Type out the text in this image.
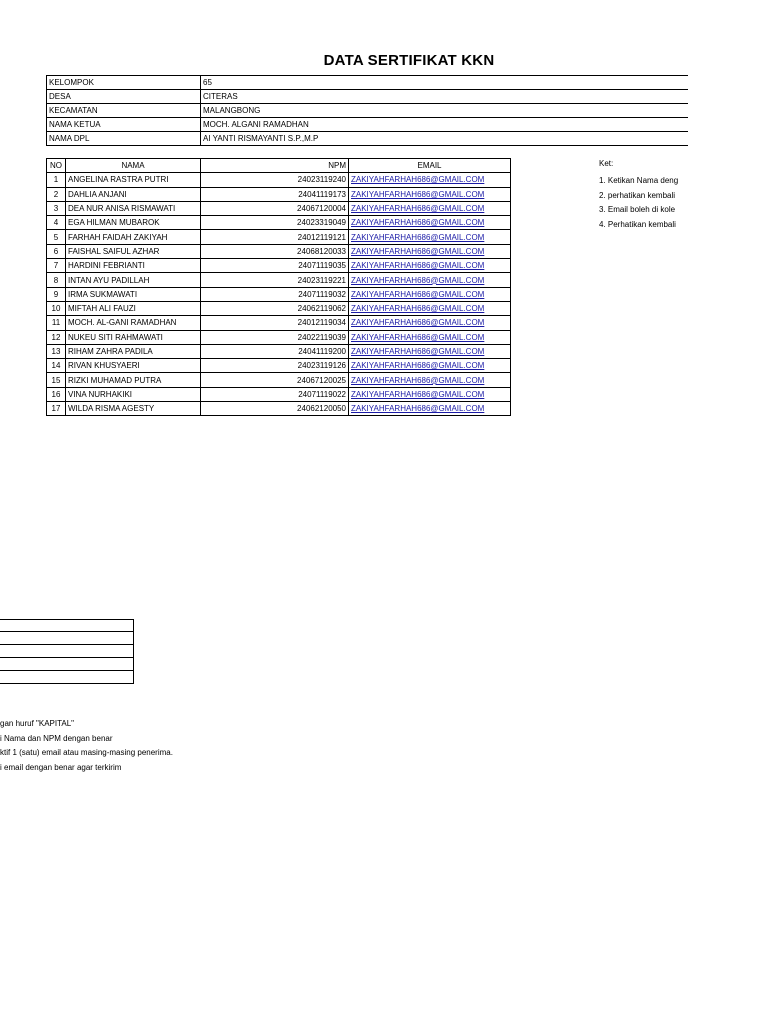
DATA SERTIFIKAT KKN
KELOMPOK	65
DESA	CITERAS
KECAMATAN	MALANGBONG
NAMA KETUA	MOCH. ALGANI RAMADHAN
NAMA DPL	AI YANTI RISMAYANTI S.P.,M.P
NO	NAMA	NPM	EMAIL
1	ANGELINA RASTRA PUTRI	24023119240	ZAKIYAHFARHAH686@GMAIL.COM
2	DAHLIA ANJANI	24041119173	ZAKIYAHFARHAH686@GMAIL.COM
3	DEA NUR ANISA RISMAWATI	24067120004	ZAKIYAHFARHAH686@GMAIL.COM
4	EGA HILMAN MUBAROK	24023319049	ZAKIYAHFARHAH686@GMAIL.COM
5	FARHAH FAIDAH ZAKIYAH	24012119121	ZAKIYAHFARHAH686@GMAIL.COM
6	FAISHAL SAIFUL AZHAR	24068120033	ZAKIYAHFARHAH686@GMAIL.COM
7	HARDINI FEBRIANTI	24071119035	ZAKIYAHFARHAH686@GMAIL.COM
8	INTAN AYU PADILLAH	24023119221	ZAKIYAHFARHAH686@GMAIL.COM
9	IRMA SUKMAWATI	24071119032	ZAKIYAHFARHAH686@GMAIL.COM
10	MIFTAH ALI FAUZI	24062119062	ZAKIYAHFARHAH686@GMAIL.COM
11	MOCH. AL-GANI RAMADHAN	24012119034	ZAKIYAHFARHAH686@GMAIL.COM
12	NUKEU SITI RAHMAWATI	24022119039	ZAKIYAHFARHAH686@GMAIL.COM
13	RIHAM ZAHRA PADILA	24041119200	ZAKIYAHFARHAH686@GMAIL.COM
14	RIVAN KHUSYAERI	24023119126	ZAKIYAHFARHAH686@GMAIL.COM
15	RIZKI MUHAMAD PUTRA	24067120025	ZAKIYAHFARHAH686@GMAIL.COM
16	VINA NURHAKIKI	24071119022	ZAKIYAHFARHAH686@GMAIL.COM
17	WILDA RISMA AGESTY	24062120050	ZAKIYAHFARHAH686@GMAIL.COM
Ket:
1. Ketikan Nama deng
2. perhatikan kembali
3. Email boleh di kole
4. Perhatikan kembali
gan huruf "KAPITAL"
i Nama dan NPM dengan benar
ktif 1 (satu) email atau masing-masing penerima.
i email dengan benar agar terkirim
